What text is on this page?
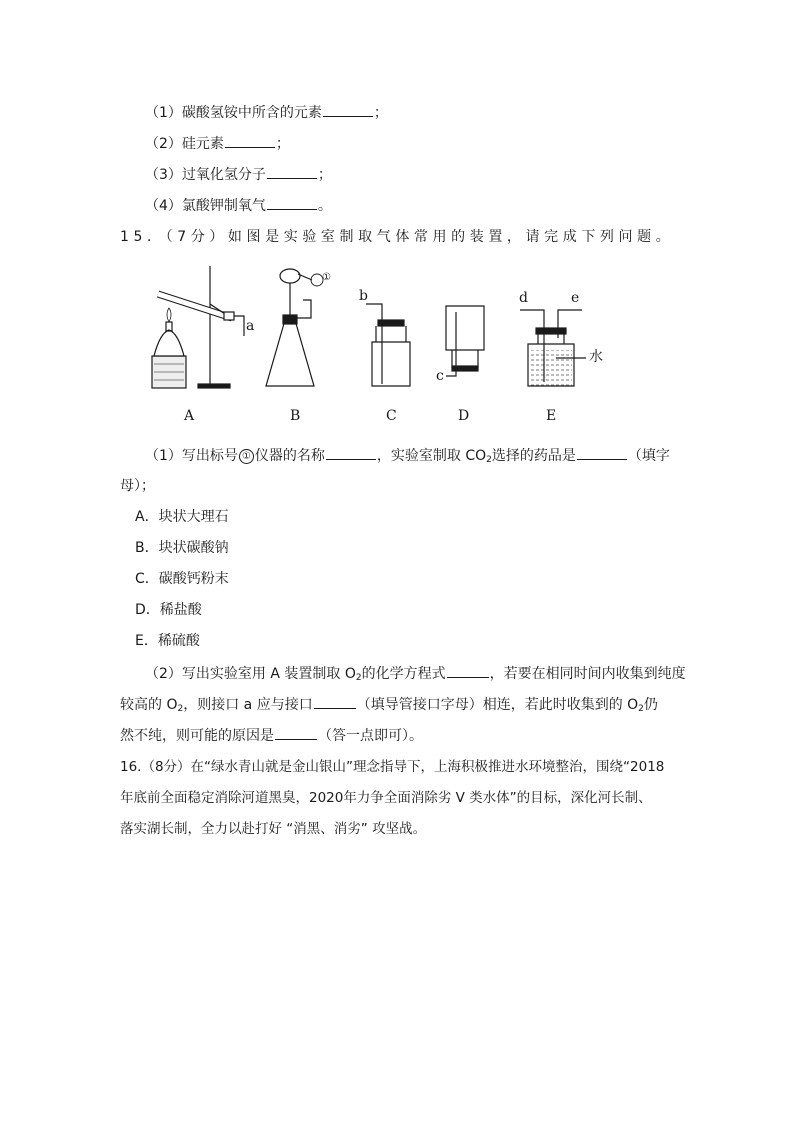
（1）碳酸氢铵中所含的元素	；
（2）硅元素	；
（3）过氧化氢分子	；
（4）氯酸钾制氧气	。
15．（7分）如图是实验室制取气体常用的装置，请完成下列问题。
a
①
b
c
d	e
水
A	B	C	D	E
（1）写出标号 ① 仪器的名称	，实验室制取 $CO_2$选择的药品是	（填字
母）；
A．块状大理石
B．块状碳酸钠
C．碳酸钙粉末
D．稀盐酸
E．稀硫酸
（2）写出实验室用 A 装置制取 $O_2$的化学方程式	，若要在相同时间内收集到纯度
较高的 $O_2$，则接口 a 应与接口	（填导管接口字母）相连，若此时收集到的 $O_2$仍
然不纯，则可能的原因是	（答一点即可）。
16.（8分）在“绿水青山就是金山银山”理念指导下，上海积极推进水环境整治，围绕“2018
年底前全面稳定消除河道黑臭，2020年力争全面消除劣 V 类水体”的目标，深化河长制、
落实湖长制，全力以赴打好 “消黑、消劣” 攻坚战。
